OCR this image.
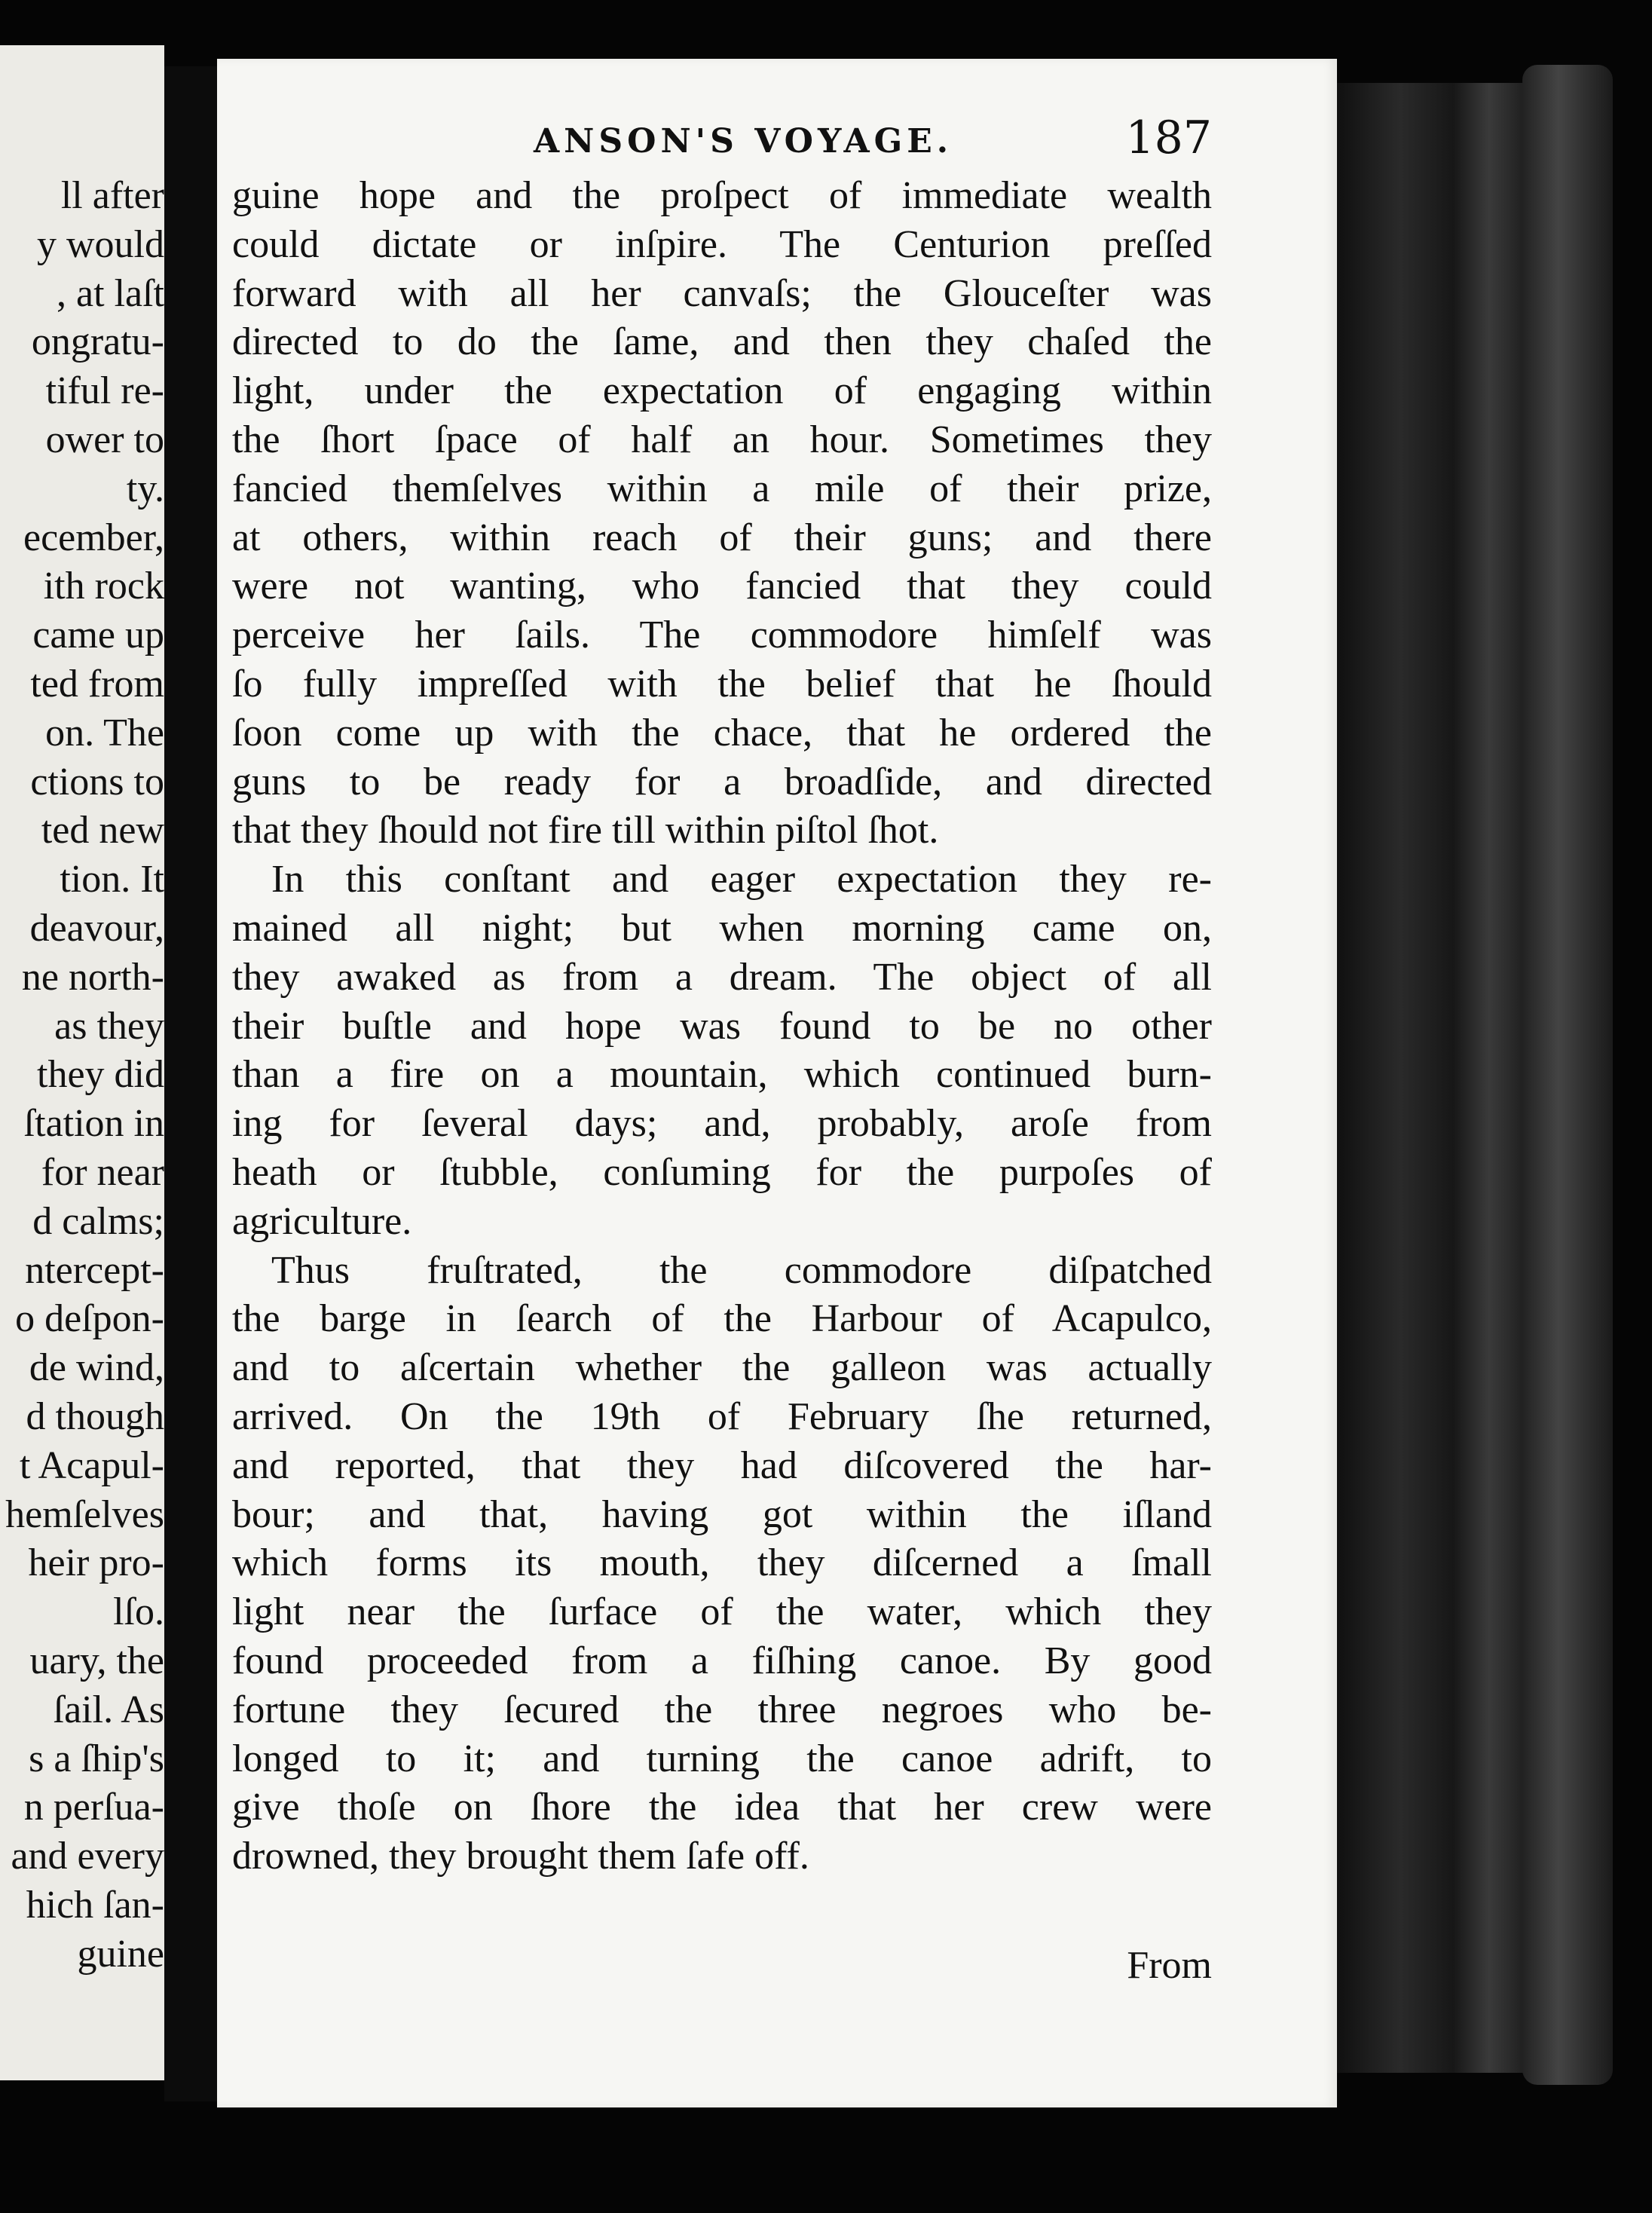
ll after
y would
, at laſt
ongratu-
tiful re-
ower to
ty.
ecember,
ith rock
came up
ted from
on. The
ctions to
ted new
tion. It
deavour,
ne north-
as they
they did
ſtation in
for near
d calms;
ntercept-
o deſpon-
de wind,
d though
t Acapul-
hemſelves
heir pro-
lſo.
uary, the
ſail. As
s a ſhip's
n perſua-
and every
hich ſan-
guine
ANSON'S VOYAGE.	187
guine hope and the proſpect of immediate wealth
could dictate or inſpire. The Centurion preſſed
forward with all her canvaſs; the Glouceſter was
directed to do the ſame, and then they chaſed the
light, under the expectation of engaging within
the ſhort ſpace of half an hour. Sometimes they
fancied themſelves within a mile of their prize,
at others, within reach of their guns; and there
were not wanting, who fancied that they could
perceive her ſails. The commodore himſelf was
ſo fully impreſſed with the belief that he ſhould
ſoon come up with the chace, that he ordered the
guns to be ready for a broadſide, and directed
that they ſhould not fire till within piſtol ſhot.
In this conſtant and eager expectation they re-
mained all night; but when morning came on,
they awaked as from a dream. The object of all
their buſtle and hope was found to be no other
than a fire on a mountain, which continued burn-
ing for ſeveral days; and, probably, aroſe from
heath or ſtubble, conſuming for the purpoſes of
agriculture.
Thus fruſtrated, the commodore diſpatched
the barge in ſearch of the Harbour of Acapulco,
and to aſcertain whether the galleon was actually
arrived. On the 19th of February ſhe returned,
and reported, that they had diſcovered the har-
bour; and that, having got within the iſland
which forms its mouth, they diſcerned a ſmall
light near the ſurface of the water, which they
found proceeded from a fiſhing canoe. By good
fortune they ſecured the three negroes who be-
longed to it; and turning the canoe adrift, to
give thoſe on ſhore the idea that her crew were
drowned, they brought them ſafe off.
From
